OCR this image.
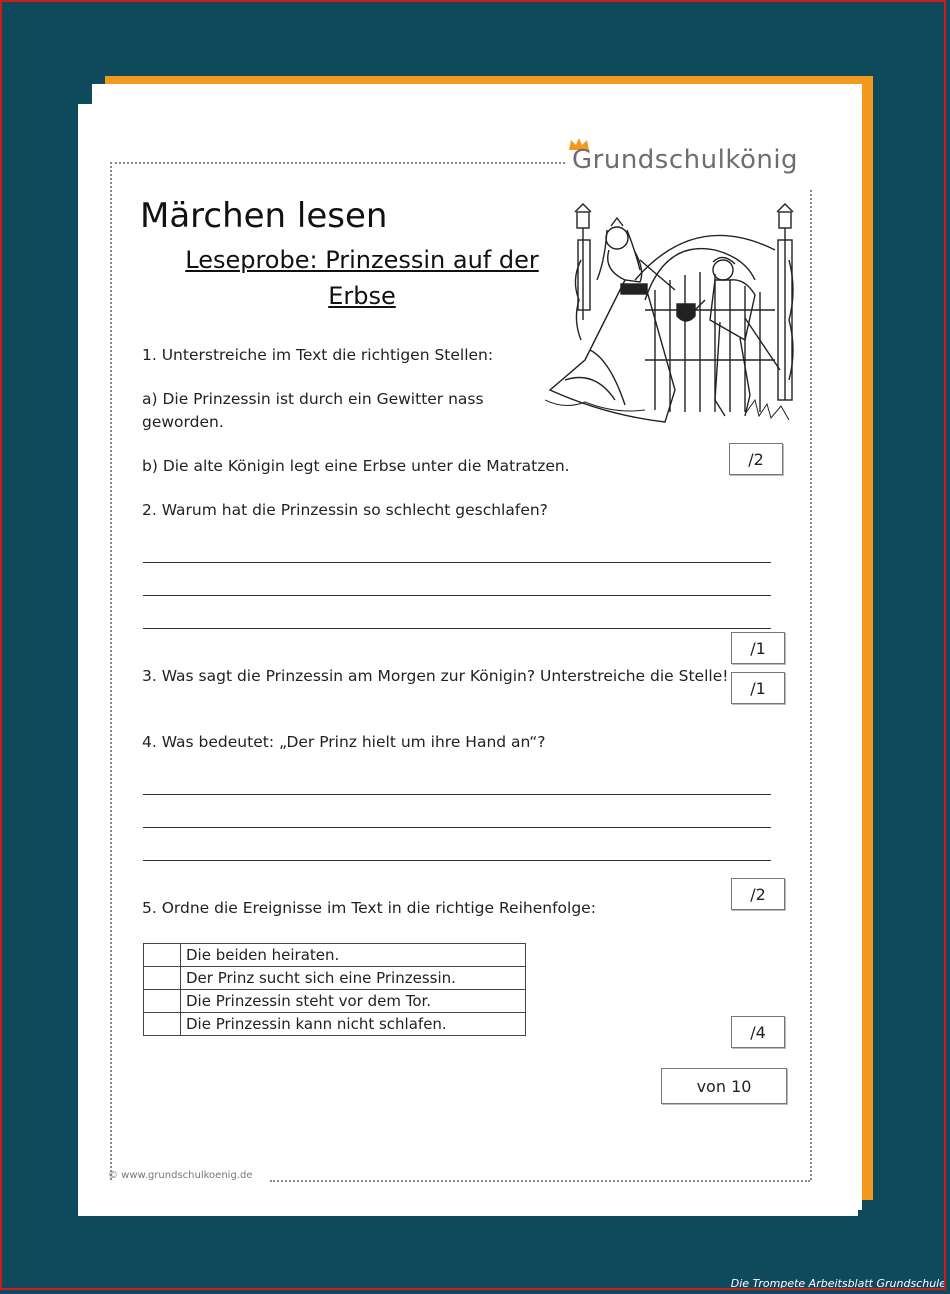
Grundschulkönig
Märchen lesen
Leseprobe: Prinzessin auf der
Erbse
1. Unterstreiche im Text die richtigen Stellen:
a) Die Prinzessin ist durch ein Gewitter nass
geworden.
b) Die alte Königin legt eine Erbse unter die Matratzen.	/2
2. Warum hat die Prinzessin so schlecht geschlafen?
/1
3. Was sagt die Prinzessin am Morgen zur Königin? Unterstreiche die Stelle!
/1
4. Was bedeutet: „Der Prinz hielt um ihre Hand an“?
/2
5. Ordne die Ereignisse im Text in die richtige Reihenfolge:
	Die beiden heiraten.
	Der Prinz sucht sich eine Prinzessin.
	Die Prinzessin steht vor dem Tor.
	Die Prinzessin kann nicht schlafen.	/4
von 10
© www.grundschulkoenig.de
Die Trompete Arbeitsblatt Grundschule
